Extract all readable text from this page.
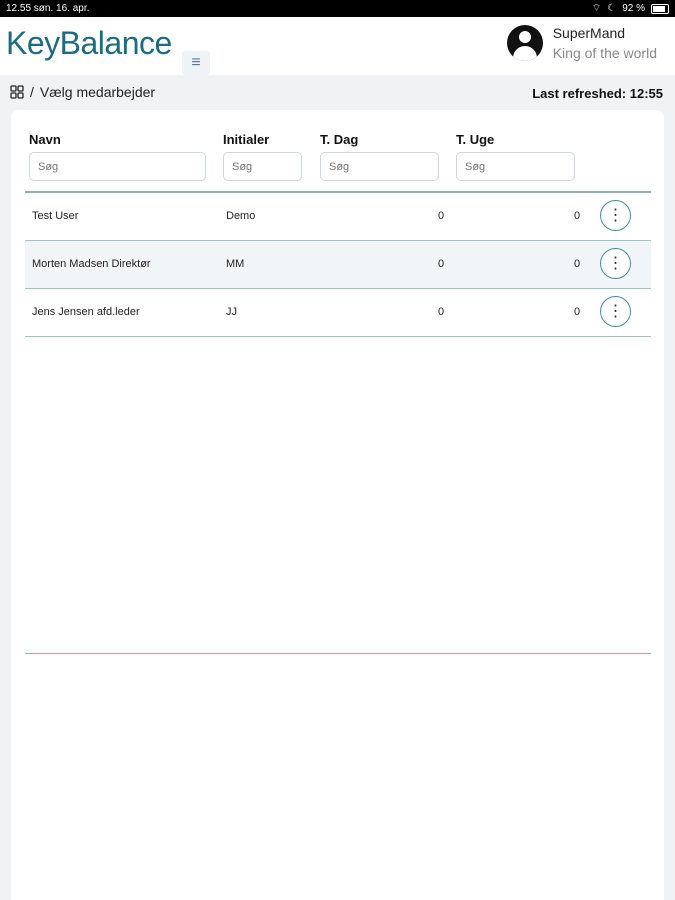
12.55 søn. 16. apr.	⌔ ☾ 92 %
KeyBalance
≡
SuperMand
King of the world
/ Vælg medarbejder	Last refreshed: 12:55
Navn	Initialer	T. Dag	T. Uge
Søg
Søg
Søg
Søg
Test User	Demo	0	0 ⋮
Morten Madsen Direktør	MM	0	0 ⋮
Jens Jensen afd.leder	JJ	0	0 ⋮
